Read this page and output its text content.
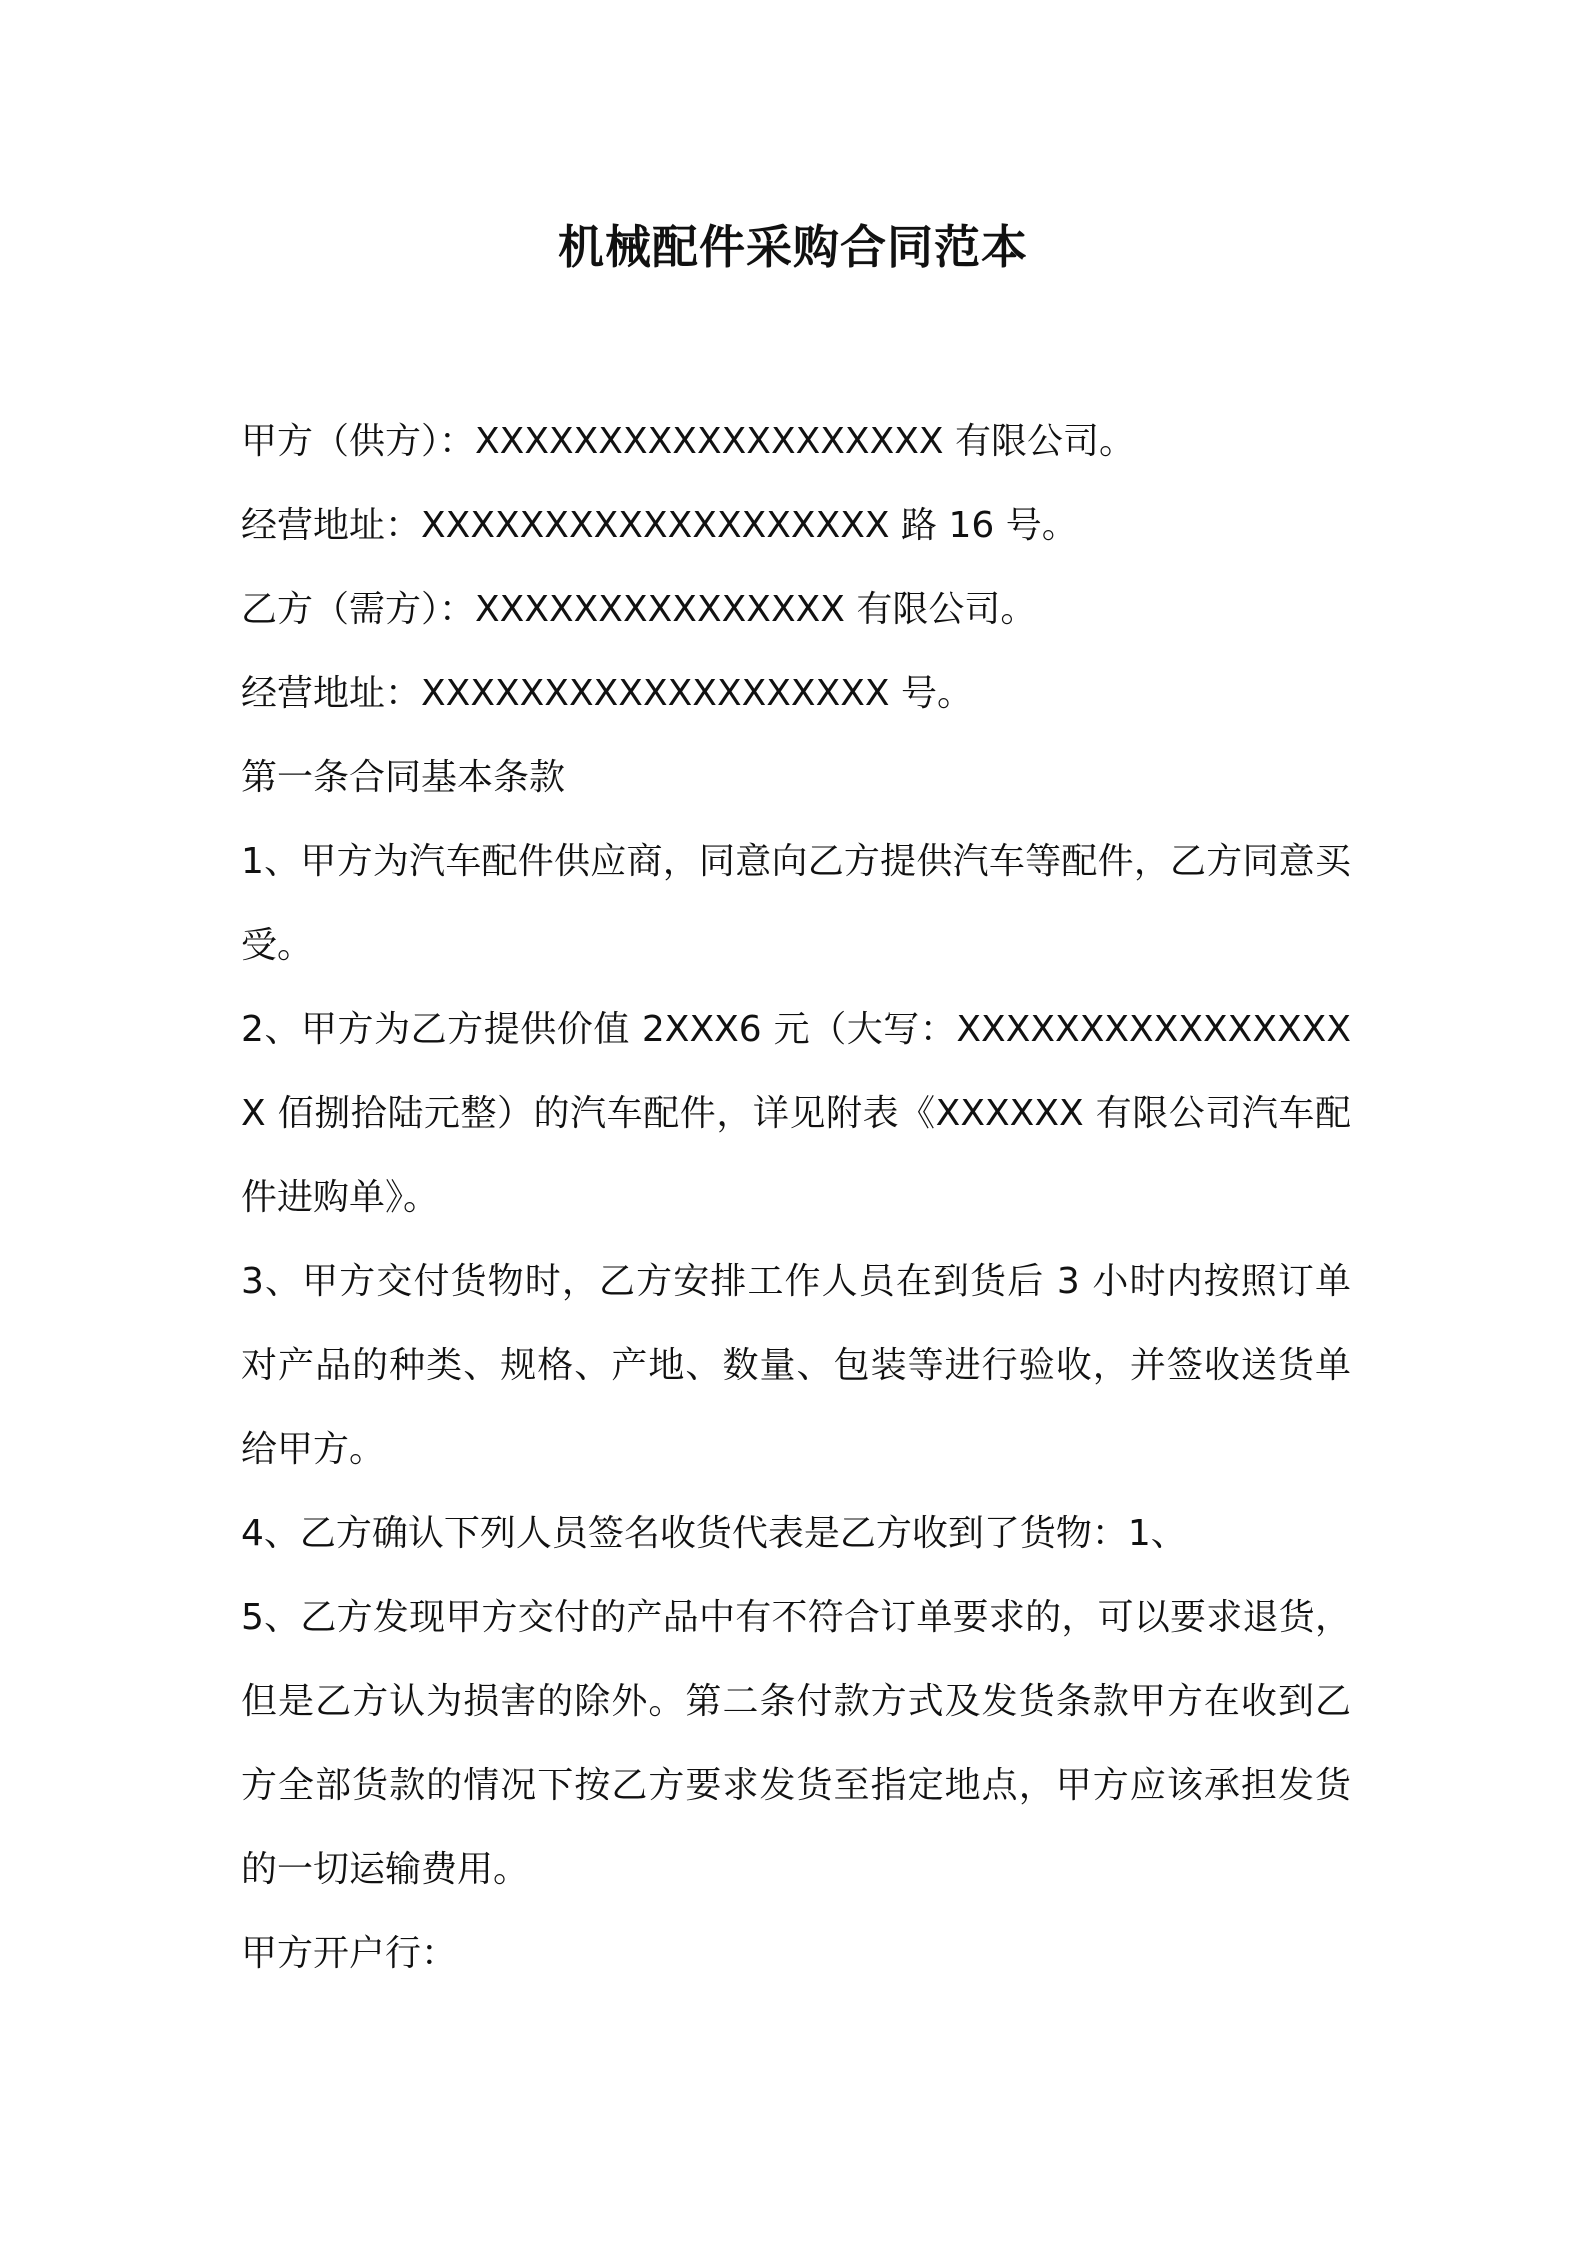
机械配件采购合同范本

甲方（供方）：XXXXXXXXXXXXXXXXXXX 有限公司。

经营地址：XXXXXXXXXXXXXXXXXXX 路 16 号。

乙方（需方）：XXXXXXXXXXXXXXX 有限公司。

经营地址：XXXXXXXXXXXXXXXXXXX 号。

第一条合同基本条款

1、甲方为汽车配件供应商，同意向乙方提供汽车等配件，乙方同意买受。

2、甲方为乙方提供价值 2XXX6 元（大写：XXXXXXXXXXXXXXXXX 佰捌拾陆元整）的汽车配件，详见附表《XXXXXX 有限公司汽车配件进购单》。

3、甲方交付货物时，乙方安排工作人员在到货后 3 小时内按照订单对产品的种类、规格、产地、数量、包装等进行验收，并签收送货单给甲方。

4、乙方确认下列人员签名收货代表是乙方收到了货物：1、

5、乙方发现甲方交付的产品中有不符合订单要求的，可以要求退货，但是乙方认为损害的除外。第二条付款方式及发货条款甲方在收到乙方全部货款的情况下按乙方要求发货至指定地点，甲方应该承担发货的一切运输费用。

甲方开户行：
